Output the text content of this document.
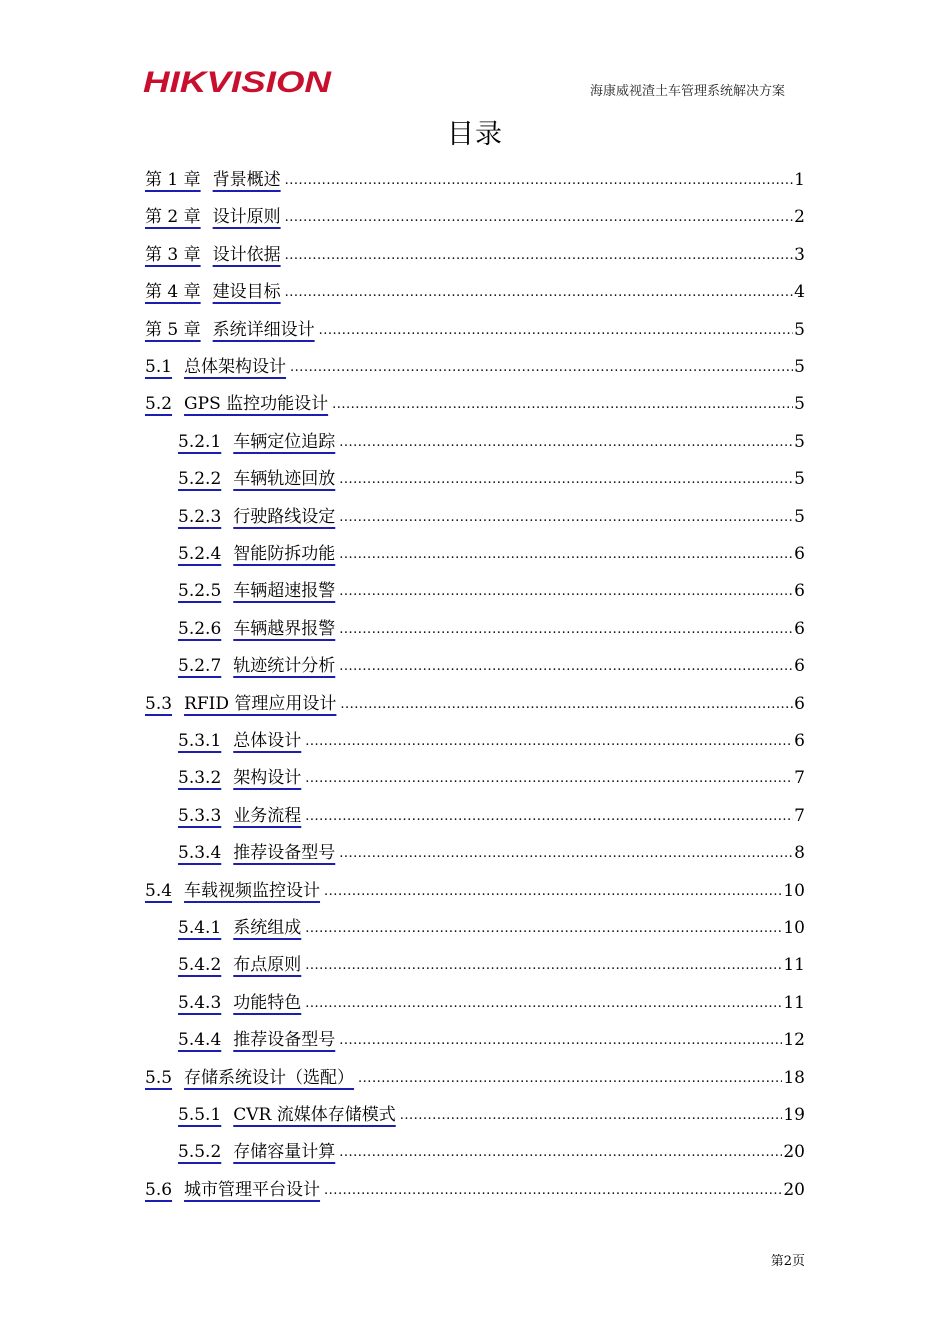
HIKVISION	海康威视渣土车管理系统解决方案
目录
第 1 章 背景概述 .....	1
第 2 章 设计原则 .....	2
第 3 章 设计依据 .....	3
第 4 章 建设目标 .....	4
第 5 章 系统详细设计 .....	5
5.1 总体架构设计 .....	5
5.2 GPS 监控功能设计 .....	5
5.2.1 车辆定位追踪 .....	5
5.2.2 车辆轨迹回放 .....	5
5.2.3 行驶路线设定 .....	5
5.2.4 智能防拆功能 .....	6
5.2.5 车辆超速报警 .....	6
5.2.6 车辆越界报警 .....	6
5.2.7 轨迹统计分析 .....	6
5.3 RFID 管理应用设计 .....	6
5.3.1 总体设计 .....	6
5.3.2 架构设计 .....	7
5.3.3 业务流程 .....	7
5.3.4 推荐设备型号 .....	8
5.4 车载视频监控设计 .....	10
5.4.1 系统组成 .....	10
5.4.2 布点原则 .....	11
5.4.3 功能特色 .....	11
5.4.4 推荐设备型号 .....	12
5.5 存储系统设计（选配） .....	18
5.5.1 CVR 流媒体存储模式 .....	19
5.5.2 存储容量计算 .....	20
5.6 城市管理平台设计 .....	20
第2页
